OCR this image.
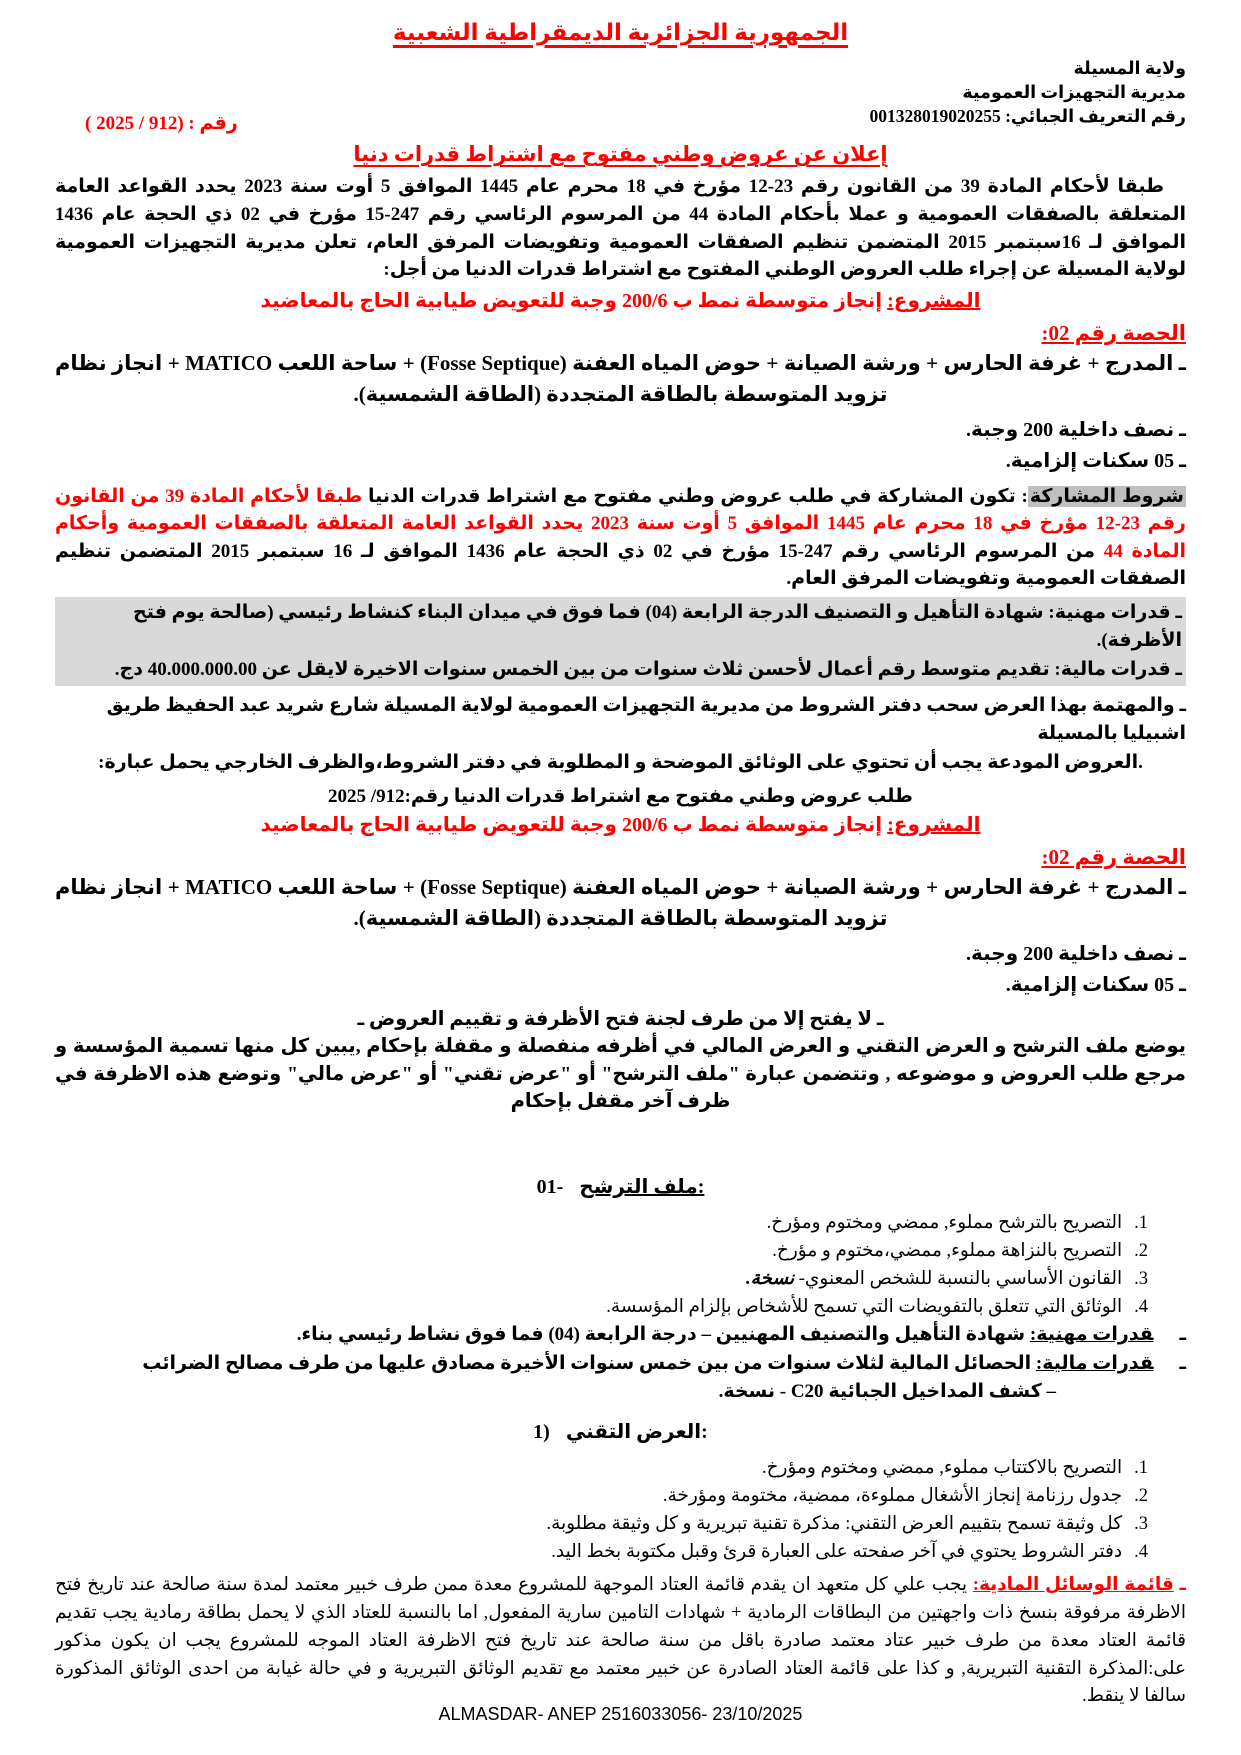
الجمهورية الجزائرية الديمقراطية الشعبية
ولاية المسيلة
مديرية التجهيزات العمومية
رقم التعريف الجبائي: 001328019020255
إعلان عن عروض وطني مفتوح مع اشتراط قدرات دنيا

طبقا لأحكام المادة 39 من القانون رقم 23-12 مؤرخ في 18 محرم عام 1445 الموافق 5 أوت سنة 2023 يحدد القواعد العامة المتعلقة بالصفقات العمومية و عملا بأحكام المادة 44 من المرسوم الرئاسي رقم 247-15 مؤرخ في 02 ذي الحجة عام 1436 الموافق لـ 16سبتمبر 2015 المتضمن تنظيم الصفقات العمومية وتفويضات المرفق العام، تعلن مديرية التجهيزات العمومية لولاية المسيلة عن إجراء طلب العروض الوطني المفتوح مع اشتراط قدرات الدنيا من أجل:

المشروع: إنجاز متوسطة نمط ب 200/6 وجبة للتعويض طيابية الحاج بالمعاضيد
الحصة رقم 02:
ـ المدرج + غرفة الحارس + ورشة الصيانة + حوض المياه العفنة (Fosse Septique) + ساحة اللعب MATICO + انجاز نظام تزويد المتوسطة بالطاقة المتجددة (الطاقة الشمسية).
ـ نصف داخلية 200 وجبة.
ـ 05 سكنات إلزامية.

شروط المشاركة: تكون المشاركة في طلب عروض وطني مفتوح مع اشتراط قدرات الدنيا طبقا لأحكام المادة 39 من القانون رقم 23-12 مؤرخ في 18 محرم عام 1445 الموافق 5 أوت سنة 2023 يحدد القواعد العامة المتعلقة بالصفقات العمومية وأحكام المادة 44 من المرسوم الرئاسي رقم 247-15 مؤرخ في 02 ذي الحجة عام 1436 الموافق لـ 16 سبتمبر 2015 المتضمن تنظيم الصفقات العمومية وتفويضات المرفق العام.

ـ قدرات مهنية: شهادة التأهيل و التصنيف الدرجة الرابعة (04) فما فوق في ميدان البناء كنشاط رئيسي (صالحة يوم فتح الأظرفة).
ـ قدرات مالية: تقديم متوسط رقم أعمال لأحسن ثلاث سنوات من بين الخمس سنوات الاخيرة لايقل عن 40.000.000.00 دج.
ـ والمهتمة بهذا العرض سحب دفتر الشروط من مديرية التجهيزات العمومية لولاية المسيلة شارع شريد عبد الحفيظ طريق اشبيليا بالمسيلة
.العروض المودعة يجب أن تحتوي على الوثائق الموضحة و المطلوبة في دفتر الشروط،والظرف الخارجي يحمل عبارة:
طلب عروض وطني مفتوح مع اشتراط قدرات الدنيا رقم:912/ 2025
المشروع: إنجاز متوسطة نمط ب 200/6 وجبة للتعويض طيابية الحاج بالمعاضيد
الحصة رقم 02:
ـ المدرج + غرفة الحارس + ورشة الصيانة + حوض المياه العفنة (Fosse Septique) + ساحة اللعب MATICO + انجاز نظام تزويد المتوسطة بالطاقة المتجددة (الطاقة الشمسية).
ـ نصف داخلية 200 وجبة.
ـ 05 سكنات إلزامية.
ـ لا يفتح إلا من طرف لجنة فتح الأظرفة و تقييم العروض ـ

يوضع ملف الترشح و العرض التقني و العرض المالي في أظرفه منفصلة و مقفلة بإحكام ,يبين كل منها تسمية المؤسسة و مرجع طلب العروض و موضوعه , وتتضمن عبارة "ملف الترشح" أو "عرض تقني" أو "عرض مالي" وتوضع هذه الاظرفة في ظرف آخر مقفل بإحكام

01- ملف الترشح:
1.التصريح بالترشح مملوء, ممضي ومختوم ومؤرخ.
2.التصريح بالنزاهة مملوء, ممضي،مختوم و مؤرخ.
3.القانون الأساسي بالنسبة للشخص المعنوي- نسخة.
4.الوثائق التي تتعلق بالتفويضات التي تسمح للأشخاص بإلزام المؤسسة.
ـقدرات مهنية: شهادة التأهيل والتصنيف المهنيين – درجة الرابعة (04) فما فوق نشاط رئيسي بناء.
ـقدرات مالية: الحصائل المالية لثلاث سنوات من بين خمس سنوات الأخيرة مصادق عليها من طرف مصالح الضرائب
– كشف المداخيل الجبائية C20 - نسخة.
1) العرض التقني:
1.التصريح بالاكتتاب مملوء, ممضي ومختوم ومؤرخ.
2.جدول رزنامة إنجاز الأشغال مملوءة، ممضية، مختومة ومؤرخة.
3.كل وثيقة تسمح بتقييم العرض التقني: مذكرة تقنية تبريرية و كل وثيقة مطلوبة.
4.دفتر الشروط يحتوي في آخر صفحته على العبارة قرئ وقبل مكتوبة بخط اليد.

ـ قائمة الوسائل المادية: يجب علي كل متعهد ان يقدم قائمة العتاد الموجهة للمشروع معدة ممن طرف خبير معتمد لمدة سنة صالحة عند تاريخ فتح الاظرفة مرفوقة بنسخ ذات واجهتين من البطاقات الرمادية + شهادات التامين سارية المفعول, اما بالنسبة للعتاد الذي لا يحمل بطاقة رمادية يجب تقديم قائمة العتاد معدة من طرف خبير عتاد معتمد صادرة باقل من سنة صالحة عند تاريخ فتح الاظرفة العتاد الموجه للمشروع يجب ان يكون مذكور على:المذكرة التقنية التبريرية, و كذا على قائمة العتاد الصادرة عن خبير معتمد مع تقديم الوثائق التبريرية و في حالة غيابة من احدى الوثائق المذكورة سالفا لا ينقط.

رقم : (912 / 2025 )
ALMASDAR- ANEP 2516033056- 23/10/2025
